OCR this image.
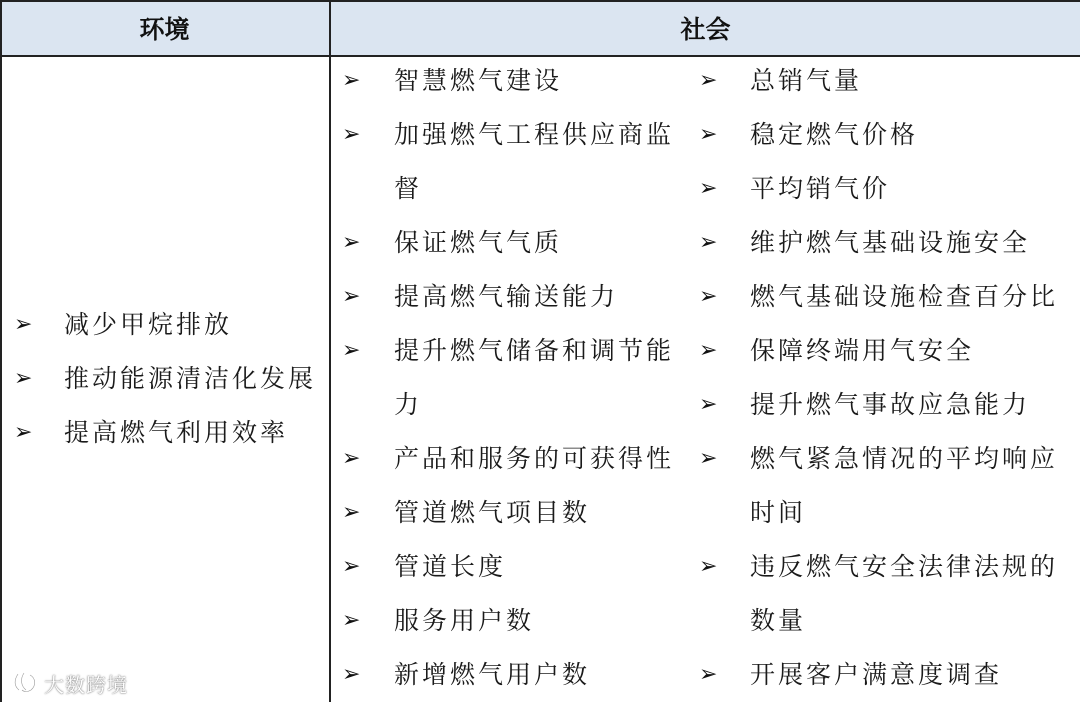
环境	社会
➢ 减少甲烷排放
➢ 推动能源清洁化发展
➢ 提高燃气利用效率
➢ 智慧燃气建设
➢ 加强燃气工程供应商监
督
➢ 保证燃气气质
➢ 提高燃气输送能力
➢ 提升燃气储备和调节能
力
➢ 产品和服务的可获得性
➢ 管道燃气项目数
➢ 管道长度
➢ 服务用户数
➢ 新增燃气用户数
➢ 总销气量
➢ 稳定燃气价格
➢ 平均销气价
➢ 维护燃气基础设施安全
➢ 燃气基础设施检查百分比
➢ 保障终端用气安全
➢ 提升燃气事故应急能力
➢ 燃气紧急情况的平均响应
时间
➢ 违反燃气安全法律法规的
数量
➢ 开展客户满意度调查
大数跨境
